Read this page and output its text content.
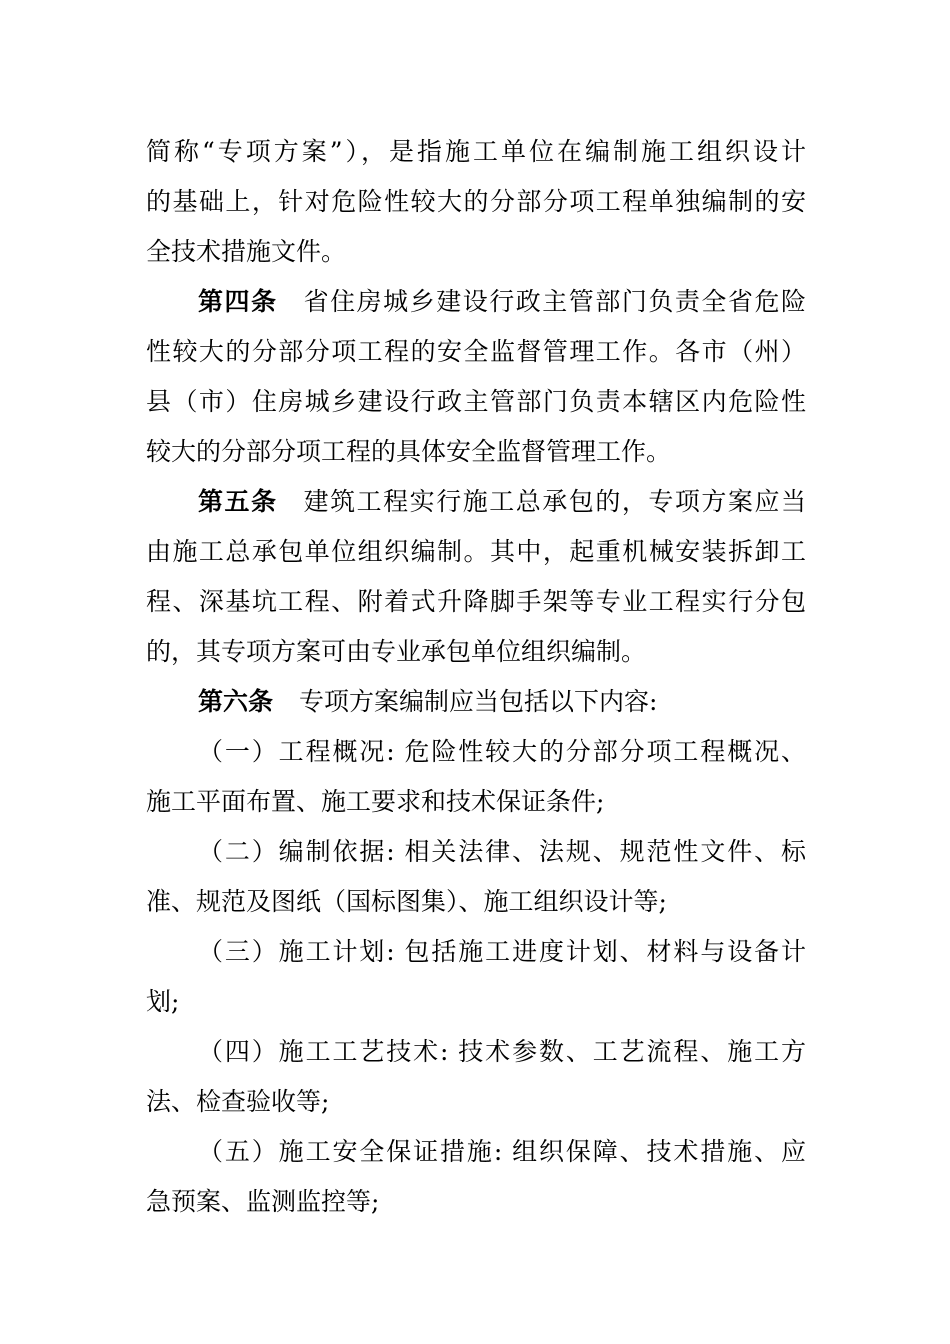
简称“专项方案”），是指施工单位在编制施工组织设计
的基础上，针对危险性较大的分部分项工程单独编制的安
全技术措施文件。
第四条 省住房城乡建设行政主管部门负责全省危险
性较大的分部分项工程的安全监督管理工作。各市（州）
县（市）住房城乡建设行政主管部门负责本辖区内危险性
较大的分部分项工程的具体安全监督管理工作。
第五条 建筑工程实行施工总承包的，专项方案应当
由施工总承包单位组织编制。其中，起重机械安装拆卸工
程、深基坑工程、附着式升降脚手架等专业工程实行分包
的，其专项方案可由专业承包单位组织编制。
第六条 专项方案编制应当包括以下内容:
（一）工程概况: 危险性较大的分部分项工程概况、
施工平面布置、施工要求和技术保证条件;
（二）编制依据: 相关法律、法规、规范性文件、标
准、规范及图纸（国标图集）、施工组织设计等;
（三）施工计划: 包括施工进度计划、材料与设备计
划;
（四）施工工艺技术: 技术参数、工艺流程、施工方
法、检查验收等;
（五）施工安全保证措施: 组织保障、技术措施、应
急预案、监测监控等;
